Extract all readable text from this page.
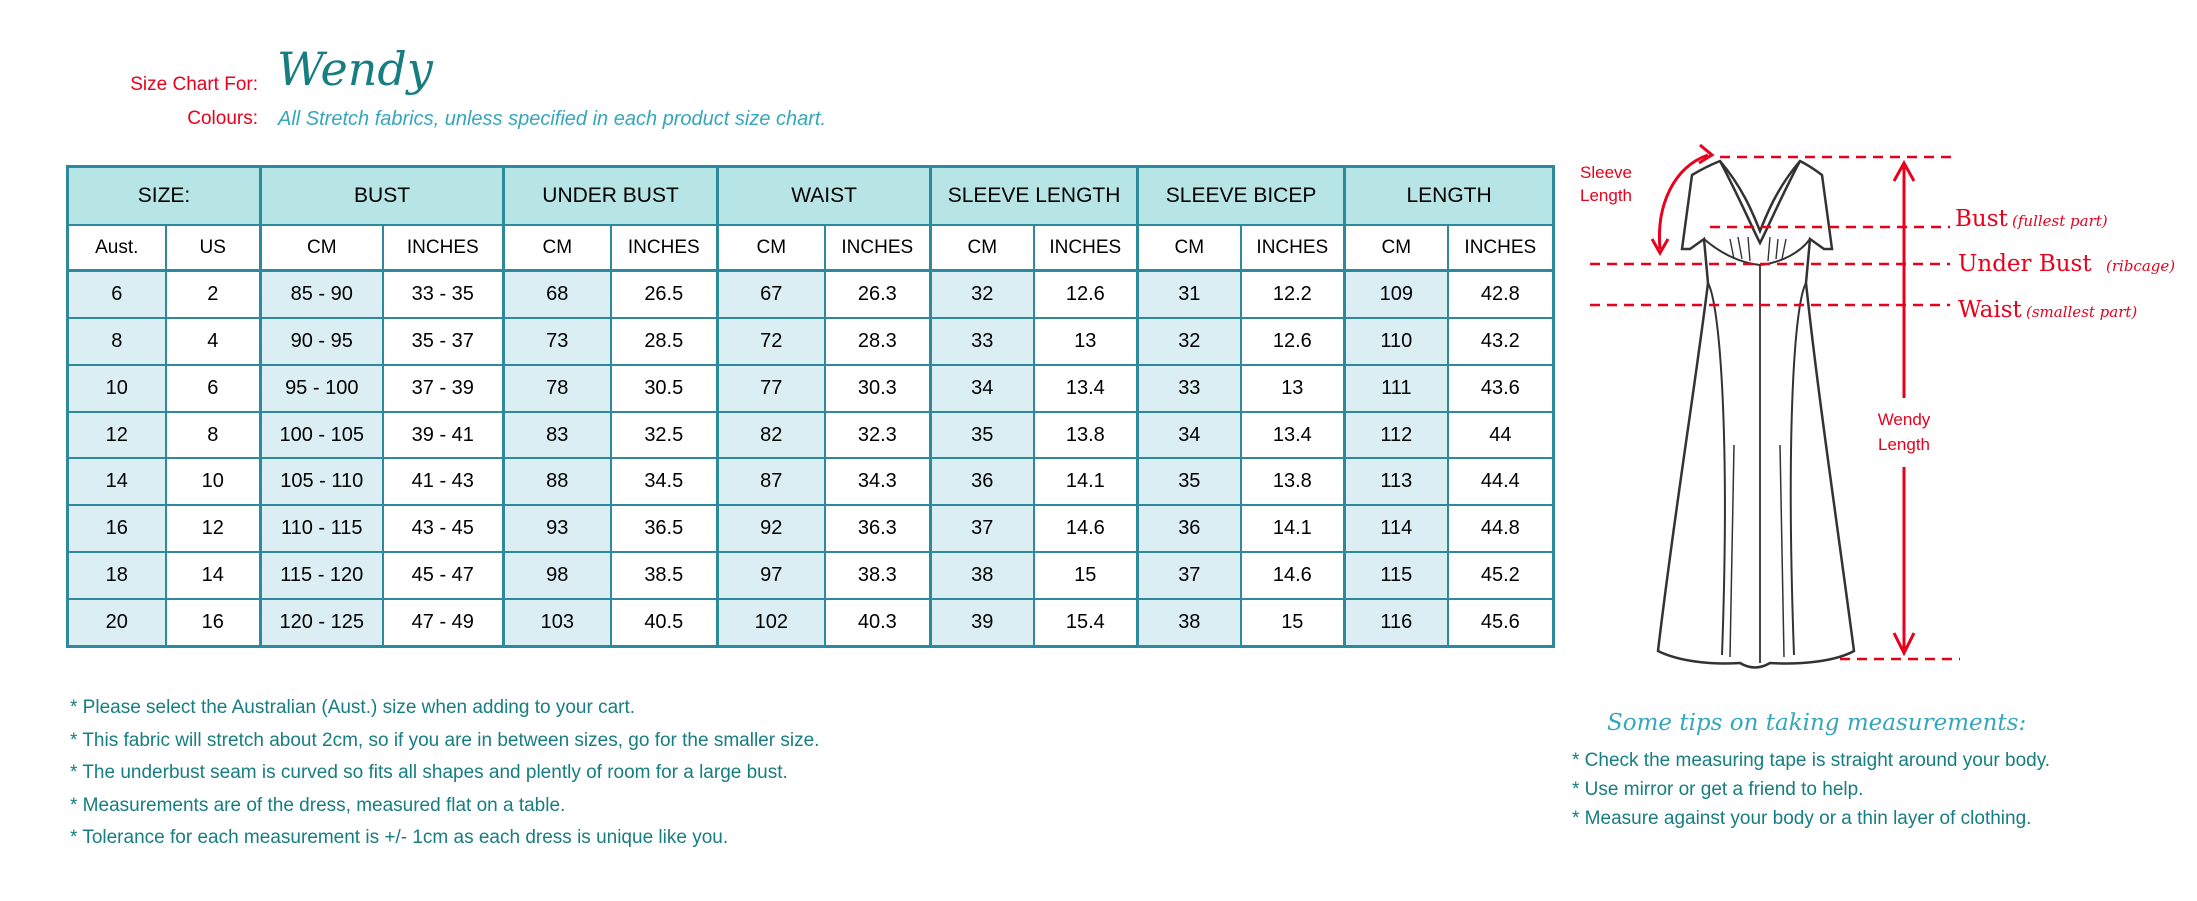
Size Chart For: Wendy
Colours: All Stretch fabrics, unless specified in each product size chart.
SIZE:		BUST		UNDER BUST		WAIST		SLEEVE LENGTH		SLEEVE BICEP		LENGTH	
Aust.	US	CM	INCHES	CM	INCHES	CM	INCHES	CM	INCHES	CM	INCHES	CM	INCHES
6	2	85 - 90	33 - 35	68	26.5	67	26.3	32	12.6	31	12.2	109	42.8
8	4	90 - 95	35 - 37	73	28.5	72	28.3	33	13	32	12.6	110	43.2
10	6	95 - 100	37 - 39	78	30.5	77	30.3	34	13.4	33	13	111	43.6
12	8	100 - 105	39 - 41	83	32.5	82	32.3	35	13.8	34	13.4	112	44
14	10	105 - 110	41 - 43	88	34.5	87	34.3	36	14.1	35	13.8	113	44.4
16	12	110 - 115	43 - 45	93	36.5	92	36.3	37	14.6	36	14.1	114	44.8
18	14	115 - 120	45 - 47	98	38.5	97	38.3	38	15	37	14.6	115	45.2
20	16	120 - 125	47 - 49	103	40.5	102	40.3	39	15.4	38	15	116	45.6
* Please select the Australian (Aust.) size when adding to your cart.
* This fabric will stretch about 2cm, so if you are in between sizes, go for the smaller size.
* The underbust seam is curved so fits all shapes and plently of room for a large bust.
* Measurements are of the dress, measured flat on a table.
* Tolerance for each measurement is +/- 1cm as each dress is unique like you.
Sleeve
Length
Bust (fullest part)
Under Bust (ribcage)
Waist (smallest part)
Wendy
Length
Some tips on taking measurements:
* Check the measuring tape is straight around your body.
* Use mirror or get a friend to help.
* Measure against your body or a thin layer of clothing.
